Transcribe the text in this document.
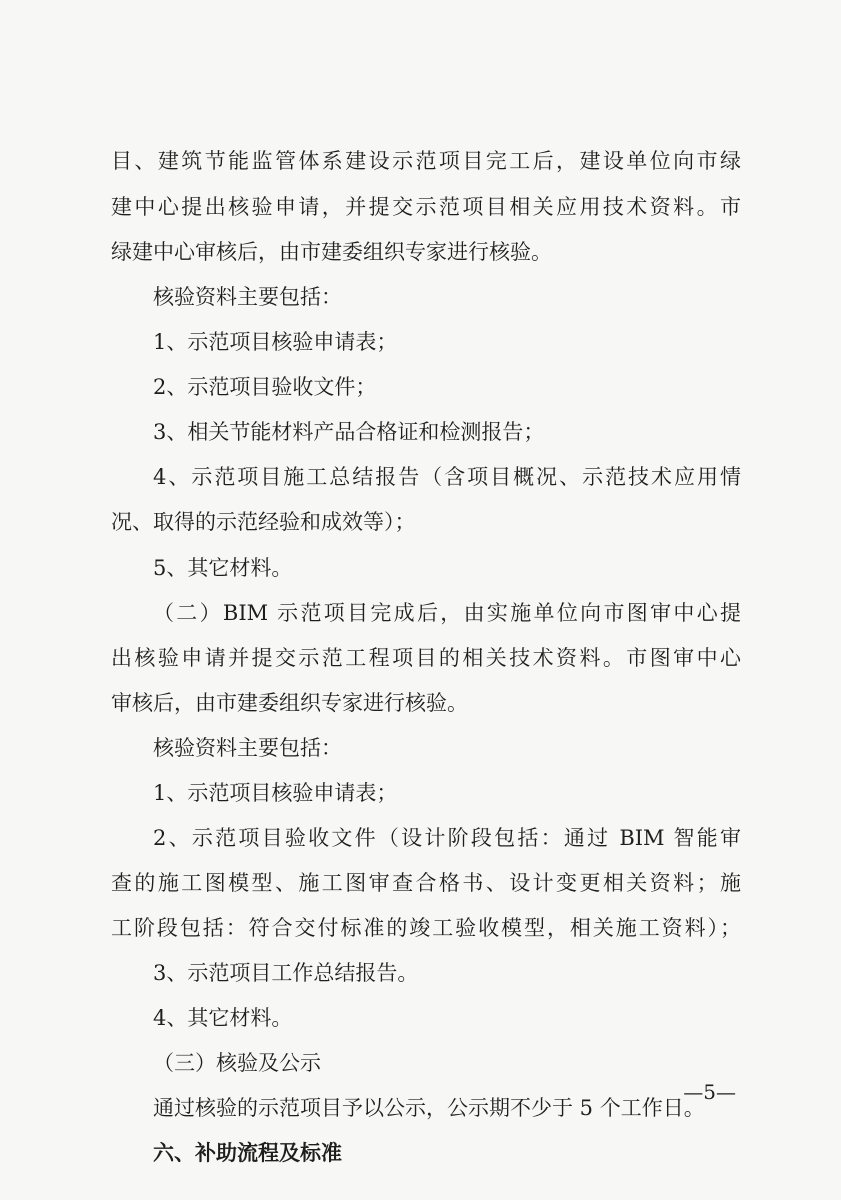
目、建筑节能监管体系建设示范项目完工后，建设单位向市绿

建中心提出核验申请，并提交示范项目相关应用技术资料。市

绿建中心审核后，由市建委组织专家进行核验。

核验资料主要包括：

1、示范项目核验申请表；

2、示范项目验收文件；

3、相关节能材料产品合格证和检测报告；

4、示范项目施工总结报告（含项目概况、示范技术应用情

况、取得的示范经验和成效等）；

5、其它材料。

（二）BIM 示范项目完成后，由实施单位向市图审中心提

出核验申请并提交示范工程项目的相关技术资料。市图审中心

审核后，由市建委组织专家进行核验。

核验资料主要包括：

1、示范项目核验申请表；

2、示范项目验收文件（设计阶段包括：通过 BIM 智能审

查的施工图模型、施工图审查合格书、设计变更相关资料；施

工阶段包括：符合交付标准的竣工验收模型，相关施工资料）；

3、示范项目工作总结报告。

4、其它材料。

（三）核验及公示

通过核验的示范项目予以公示，公示期不少于 5 个工作日。

六、补助流程及标准

—5—
